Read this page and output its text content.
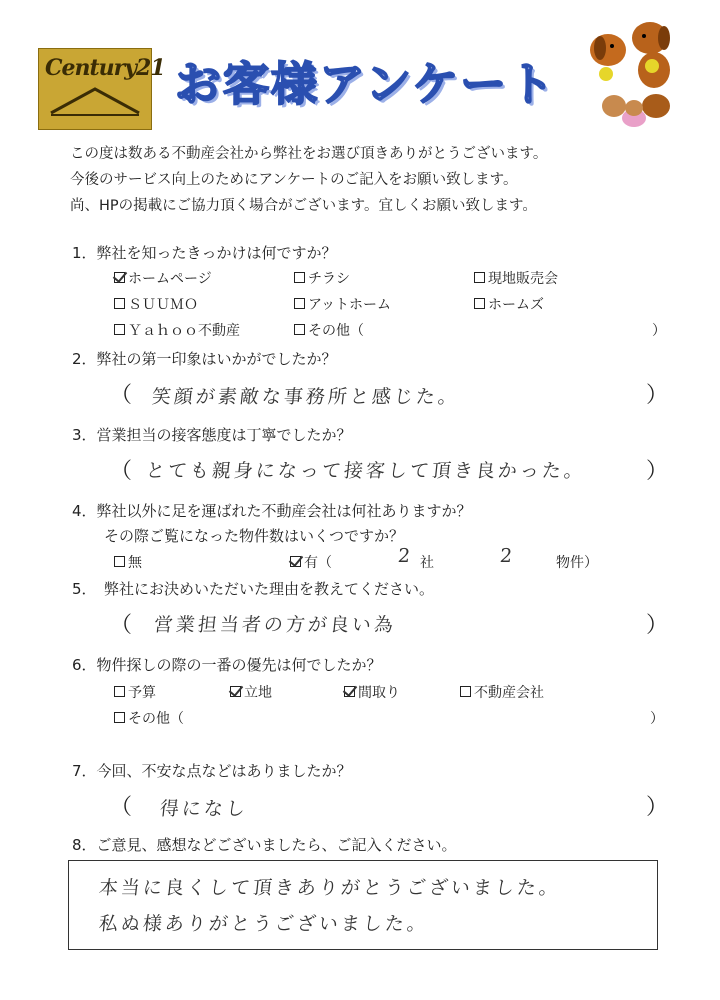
Century21 お客様アンケート
この度は数ある不動産会社から弊社をお選び頂きありがとうございます。
今後のサービス向上のためにアンケートのご記入をお願い致します。
尚、HPの掲載にご協力頂く場合がございます。宜しくお願い致します。
1．弊社を知ったきっかけは何ですか？
ホームページ	チラシ	現地販売会
ＳＵＵＭＯ	アットホーム	ホームズ
Ｙａｈｏｏ不動産	その他（	）
2．弊社の第一印象はいかがでしたか？
（ 笑顔が素敵な事務所と感じた。	）
3．営業担当の接客態度は丁寧でしたか？
（ とても親身になって接客して頂き良かった。	）
4．弊社以外に足を運ばれた不動産会社は何社ありますか？
その際ご覧になった物件数はいくつですか？
無	有（	2 社	2	物件）
5．　弊社にお決めいただいた理由を教えてください。
（ 営業担当者の方が良い為	）
6．物件探しの際の一番の優先は何でしたか？
予算	立地	間取り	不動産会社
その他（	）
7．今回、不安な点などはありましたか？
（ 得になし	）
8．ご意見、感想などございましたら、ご記入ください。
本当に良くして頂きありがとうございました。
私ぬ様ありがとうございました。
